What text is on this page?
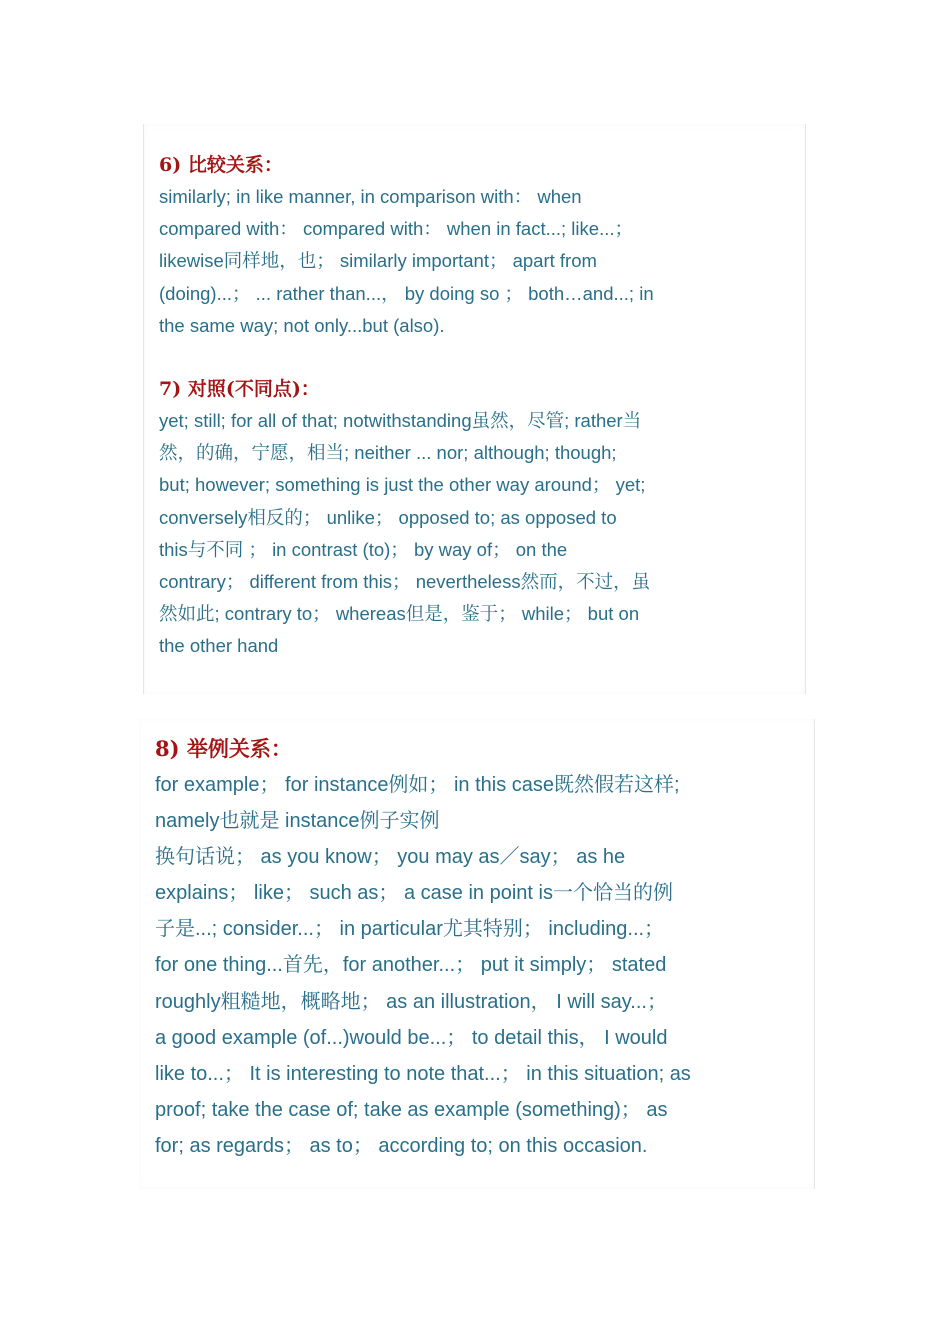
6) 比较关系：
similarly; in like manner, in comparison with： when
compared with： compared with： when in fact...; like...；
likewise同样地，也； similarly important； apart from
(doing)...； ... rather than...， by doing so ； both…and...; in
the same way; not only...but (also).
7) 对照(不同点)：
yet; still; for all of that; notwithstanding虽然，尽管; rather当
然，的确，宁愿，相当; neither ... nor; although; though;
but; however; something is just the other way around； yet;
conversely相反的； unlike； opposed to; as opposed to
this与不同 ； in contrast (to)； by way of； on the
contrary； different from this； nevertheless然而，不过，虽
然如此; contrary to； whereas但是，鉴于； while； but on
the other hand
8) 举例关系：
for example； for instance例如； in this case既然假若这样;
namely也就是 instance例子实例
换句话说； as you know； you may as／say； as he
explains； like； such as； a case in point is一个恰当的例
子是...; consider...； in particular尤其特别； including...；
for one thing...首先，for another...； put it simply； stated
roughly粗糙地，概略地； as an illustration， I will say...；
a good example (of...)would be...； to detail this， I would
like to...； It is interesting to note that...； in this situation; as
proof; take the case of; take as example (something)； as
for; as regards； as to； according to; on this occasion.
